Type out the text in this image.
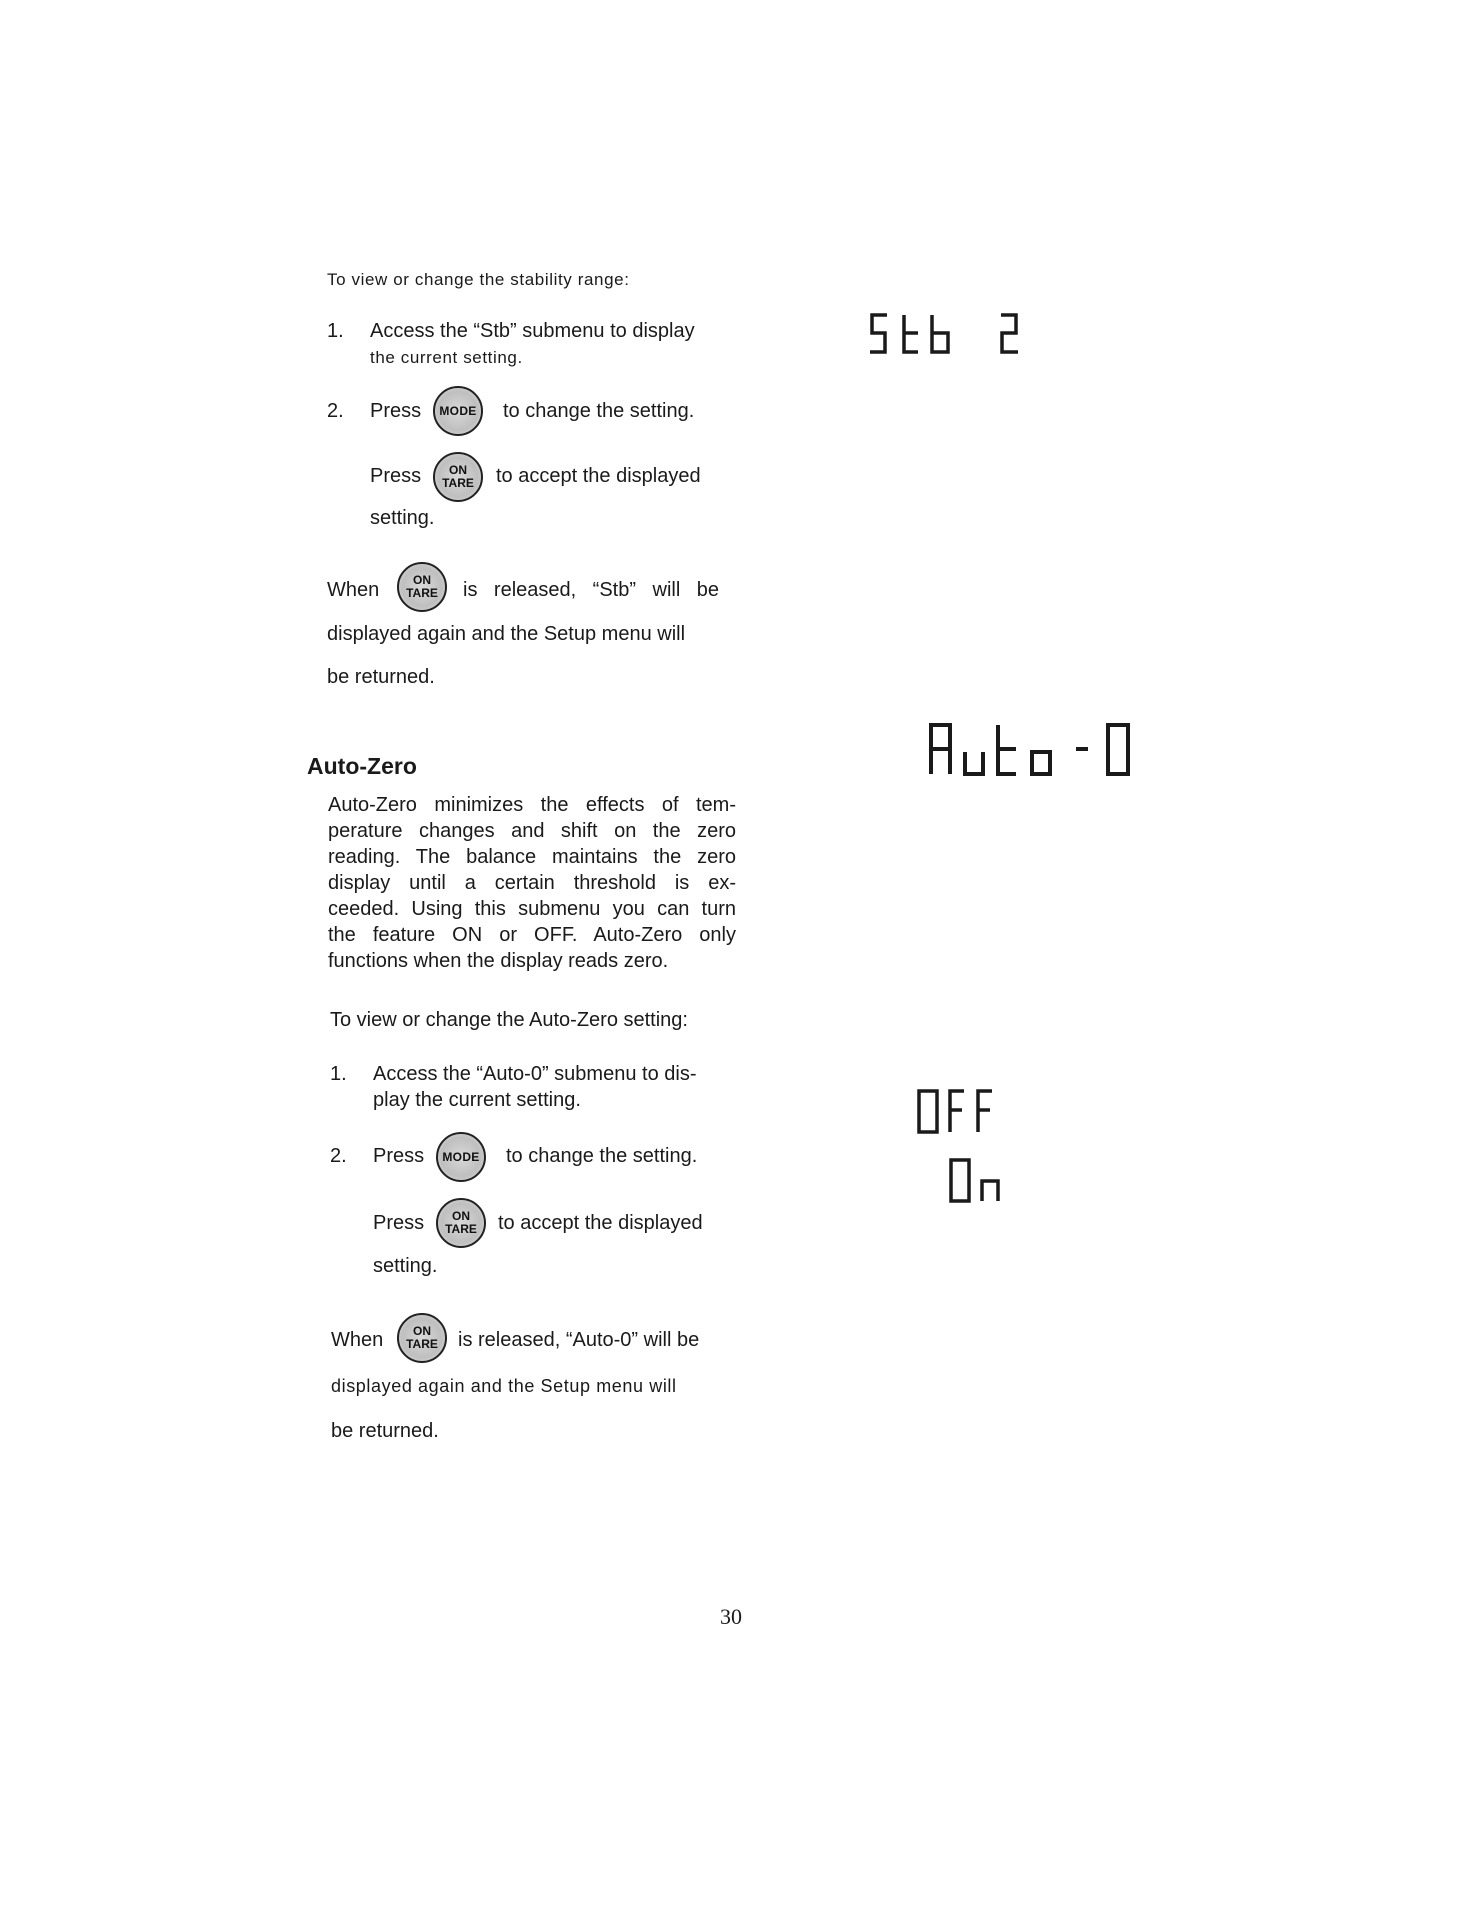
To view or change the stability range:
1. Access the “Stb” submenu to display
the current setting.
2. Press	MODE	to change the setting.
Press ON
TARE to accept the displayed
setting.
When	ON
TARE is released, “Stb” will be
displayed again and the Setup menu will
be returned.
Auto-Zero
Auto-Zero minimizes the effects of tem-
perature changes and shift on the zero
reading. The balance maintains the zero
display until a certain threshold is ex-
ceeded. Using this submenu you can turn
the feature ON or OFF. Auto-Zero only
functions when the display reads zero.
To view or change the Auto-Zero setting:
1. Access the “Auto-0” submenu to dis-
play the current setting.
2. Press	MODE	to change the setting.
Press ON
TARE to accept the displayed
setting.
When ON
TARE is released, “Auto-0” will be
displayed again and the Setup menu will
be returned.
30
